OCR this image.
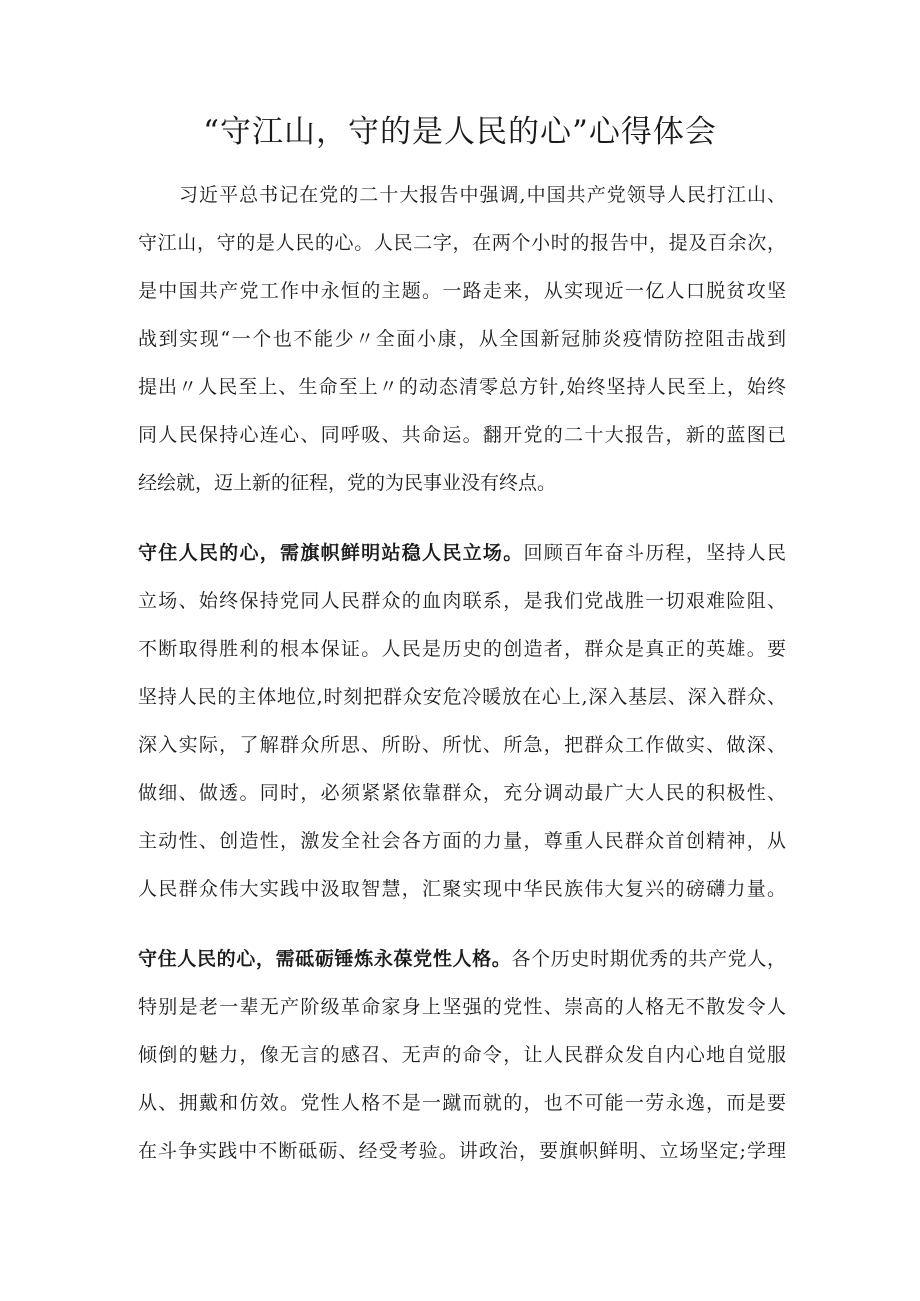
“守江山，守的是人民的心”心得体会
习近平总书记在党的二十大报告中强调,中国共产党领导人民打江山、
守江山，守的是人民的心。人民二字，在两个小时的报告中，提及百余次，
是中国共产党工作中永恒的主题。一路走来，从实现近一亿人口脱贫攻坚
战到实现“一个也不能少〃全面小康，从全国新冠肺炎疫情防控阻击战到
提出〃人民至上、生命至上〃的动态清零总方针,始终坚持人民至上，始终
同人民保持心连心、同呼吸、共命运。翻开党的二十大报告，新的蓝图已
经绘就，迈上新的征程，党的为民事业没有终点。
守住人民的心，需旗帜鲜明站稳人民立场。回顾百年奋斗历程，坚持人民
立场、始终保持党同人民群众的血肉联系，是我们党战胜一切艰难险阻、
不断取得胜利的根本保证。人民是历史的创造者，群众是真正的英雄。要
坚持人民的主体地位,时刻把群众安危冷暖放在心上,深入基层、深入群众、
深入实际，了解群众所思、所盼、所忧、所急，把群众工作做实、做深、
做细、做透。同时，必须紧紧依靠群众，充分调动最广大人民的积极性、
主动性、创造性，激发全社会各方面的力量，尊重人民群众首创精神，从
人民群众伟大实践中汲取智慧，汇聚实现中华民族伟大复兴的磅礴力量。
守住人民的心，需砥砺锤炼永葆党性人格。各个历史时期优秀的共产党人，
特别是老一辈无产阶级革命家身上坚强的党性、崇高的人格无不散发令人
倾倒的魅力，像无言的感召、无声的命令，让人民群众发自内心地自觉服
从、拥戴和仿效。党性人格不是一蹴而就的，也不可能一劳永逸，而是要
在斗争实践中不断砥砺、经受考验。讲政治，要旗帜鲜明、立场坚定;学理
